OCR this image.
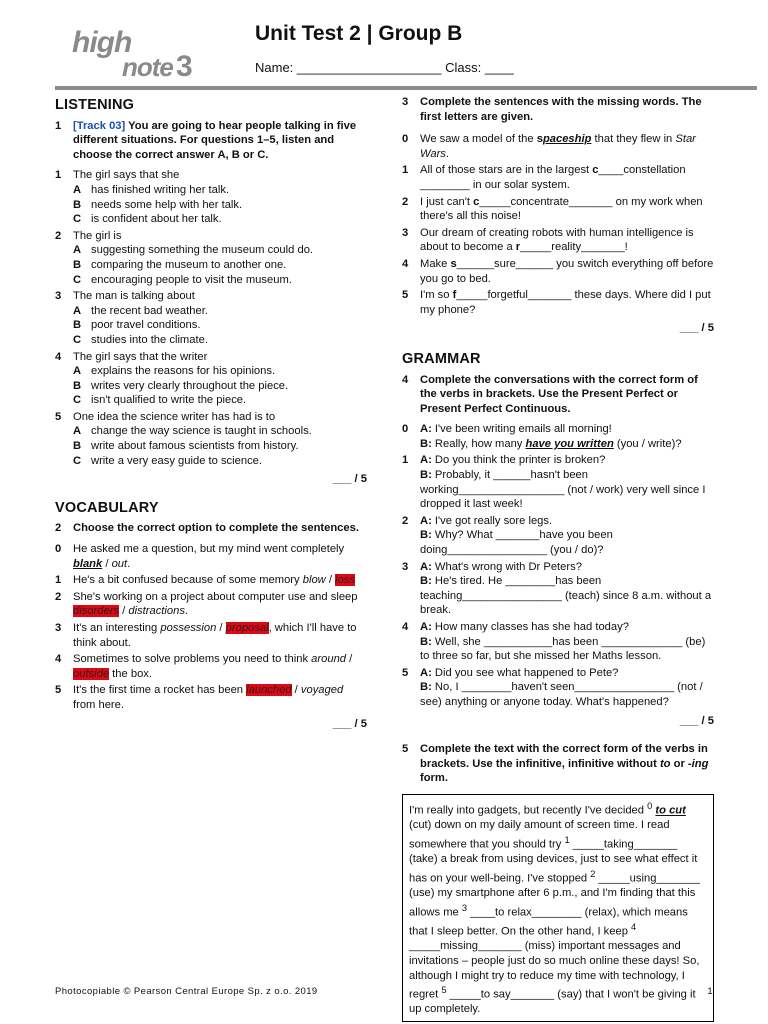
high
note 3
Unit Test 2 | Group B
Name: ____________________ Class: ____
LISTENING
1	[Track 03] You are going to hear people talking in five different situations. For questions 1–5, listen and choose the correct answer A, B or C.
1	The girl says that she
A has finished writing her talk.
B needs some help with her talk.
C is confident about her talk.
2	The girl is
A suggesting something the museum could do.
B comparing the museum to another one.
C encouraging people to visit the museum.
3	The man is talking about
A the recent bad weather.
B poor travel conditions.
C studies into the climate.
4	The girl says that the writer
A explains the reasons for his opinions.
B writes very clearly throughout the piece.
C isn't qualified to write the piece.
5	One idea the science writer has had is to
A change the way science is taught in schools.
B write about famous scientists from history.
C write a very easy guide to science.
___ / 5
VOCABULARY
2	Choose the correct option to complete the sentences.
0	He asked me a question, but my mind went completely blank / out.
1	He's a bit confused because of some memory blow / loss
2	She's working on a project about computer use and sleep disorders / distractions.
3	It's an interesting possession / proposal, which I'll have to think about.
4	Sometimes to solve problems you need to think around / outside the box.
5	It's the first time a rocket has been launched / voyaged from here.
___ / 5
3	Complete the sentences with the missing words. The first letters are given.
0	We saw a model of the spaceship that they flew in Star Wars.
1	All of those stars are in the largest c____constellation ________ in our solar system.
2	I just can't c_____concentrate_______ on my work when there's all this noise!
3	Our dream of creating robots with human intelligence is about to become a r_____reality_______!
4	Make s______sure______ you switch everything off before you go to bed.
5	I'm so f_____forgetful_______ these days. Where did I put my phone?
___ / 5
GRAMMAR
4	Complete the conversations with the correct form of the verbs in brackets. Use the Present Perfect or Present Perfect Continuous.
0	A: I've been writing emails all morning!
B: Really, how many have you written (you / write)?
1	A: Do you think the printer is broken?
B: Probably, it ______hasn't been working_________________ (not / work) very well since I dropped it last week!
2	A: I've got really sore legs.
B: Why? What _______have you been doing________________ (you / do)?
3	A: What's wrong with Dr Peters?
B: He's tired. He ________has been teaching________________ (teach) since 8 a.m. without a break.
4	A: How many classes has she had today?
B: Well, she ___________has been _____________ (be) to three so far, but she missed her Maths lesson.
5	A: Did you see what happened to Pete?
B: No, I ________haven't seen________________ (not / see) anything or anyone today. What's happened?
___ / 5
5	Complete the text with the correct form of the verbs in brackets. Use the infinitive, infinitive without to or -ing form.
I'm really into gadgets, but recently I've decided $^0$ to cut (cut) down on my daily amount of screen time. I read somewhere that you should try $^1$ _____taking_______ (take) a break from using devices, just to see what effect it has on your well-being. I've stopped $^2$ _____using_______ (use) my smartphone after 6 p.m., and I'm finding that this allows me $^3$ ____to relax________ (relax), which means that I sleep better. On the other hand, I keep $^4$ _____missing_______ (miss) important messages and invitations – people just do so much online these days! So, although I might try to reduce my time with technology, I regret $^5$ _____to say_______ (say) that I won't be giving it up completely.
Photocopiable © Pearson Central Europe Sp. z o.o. 2019	1
